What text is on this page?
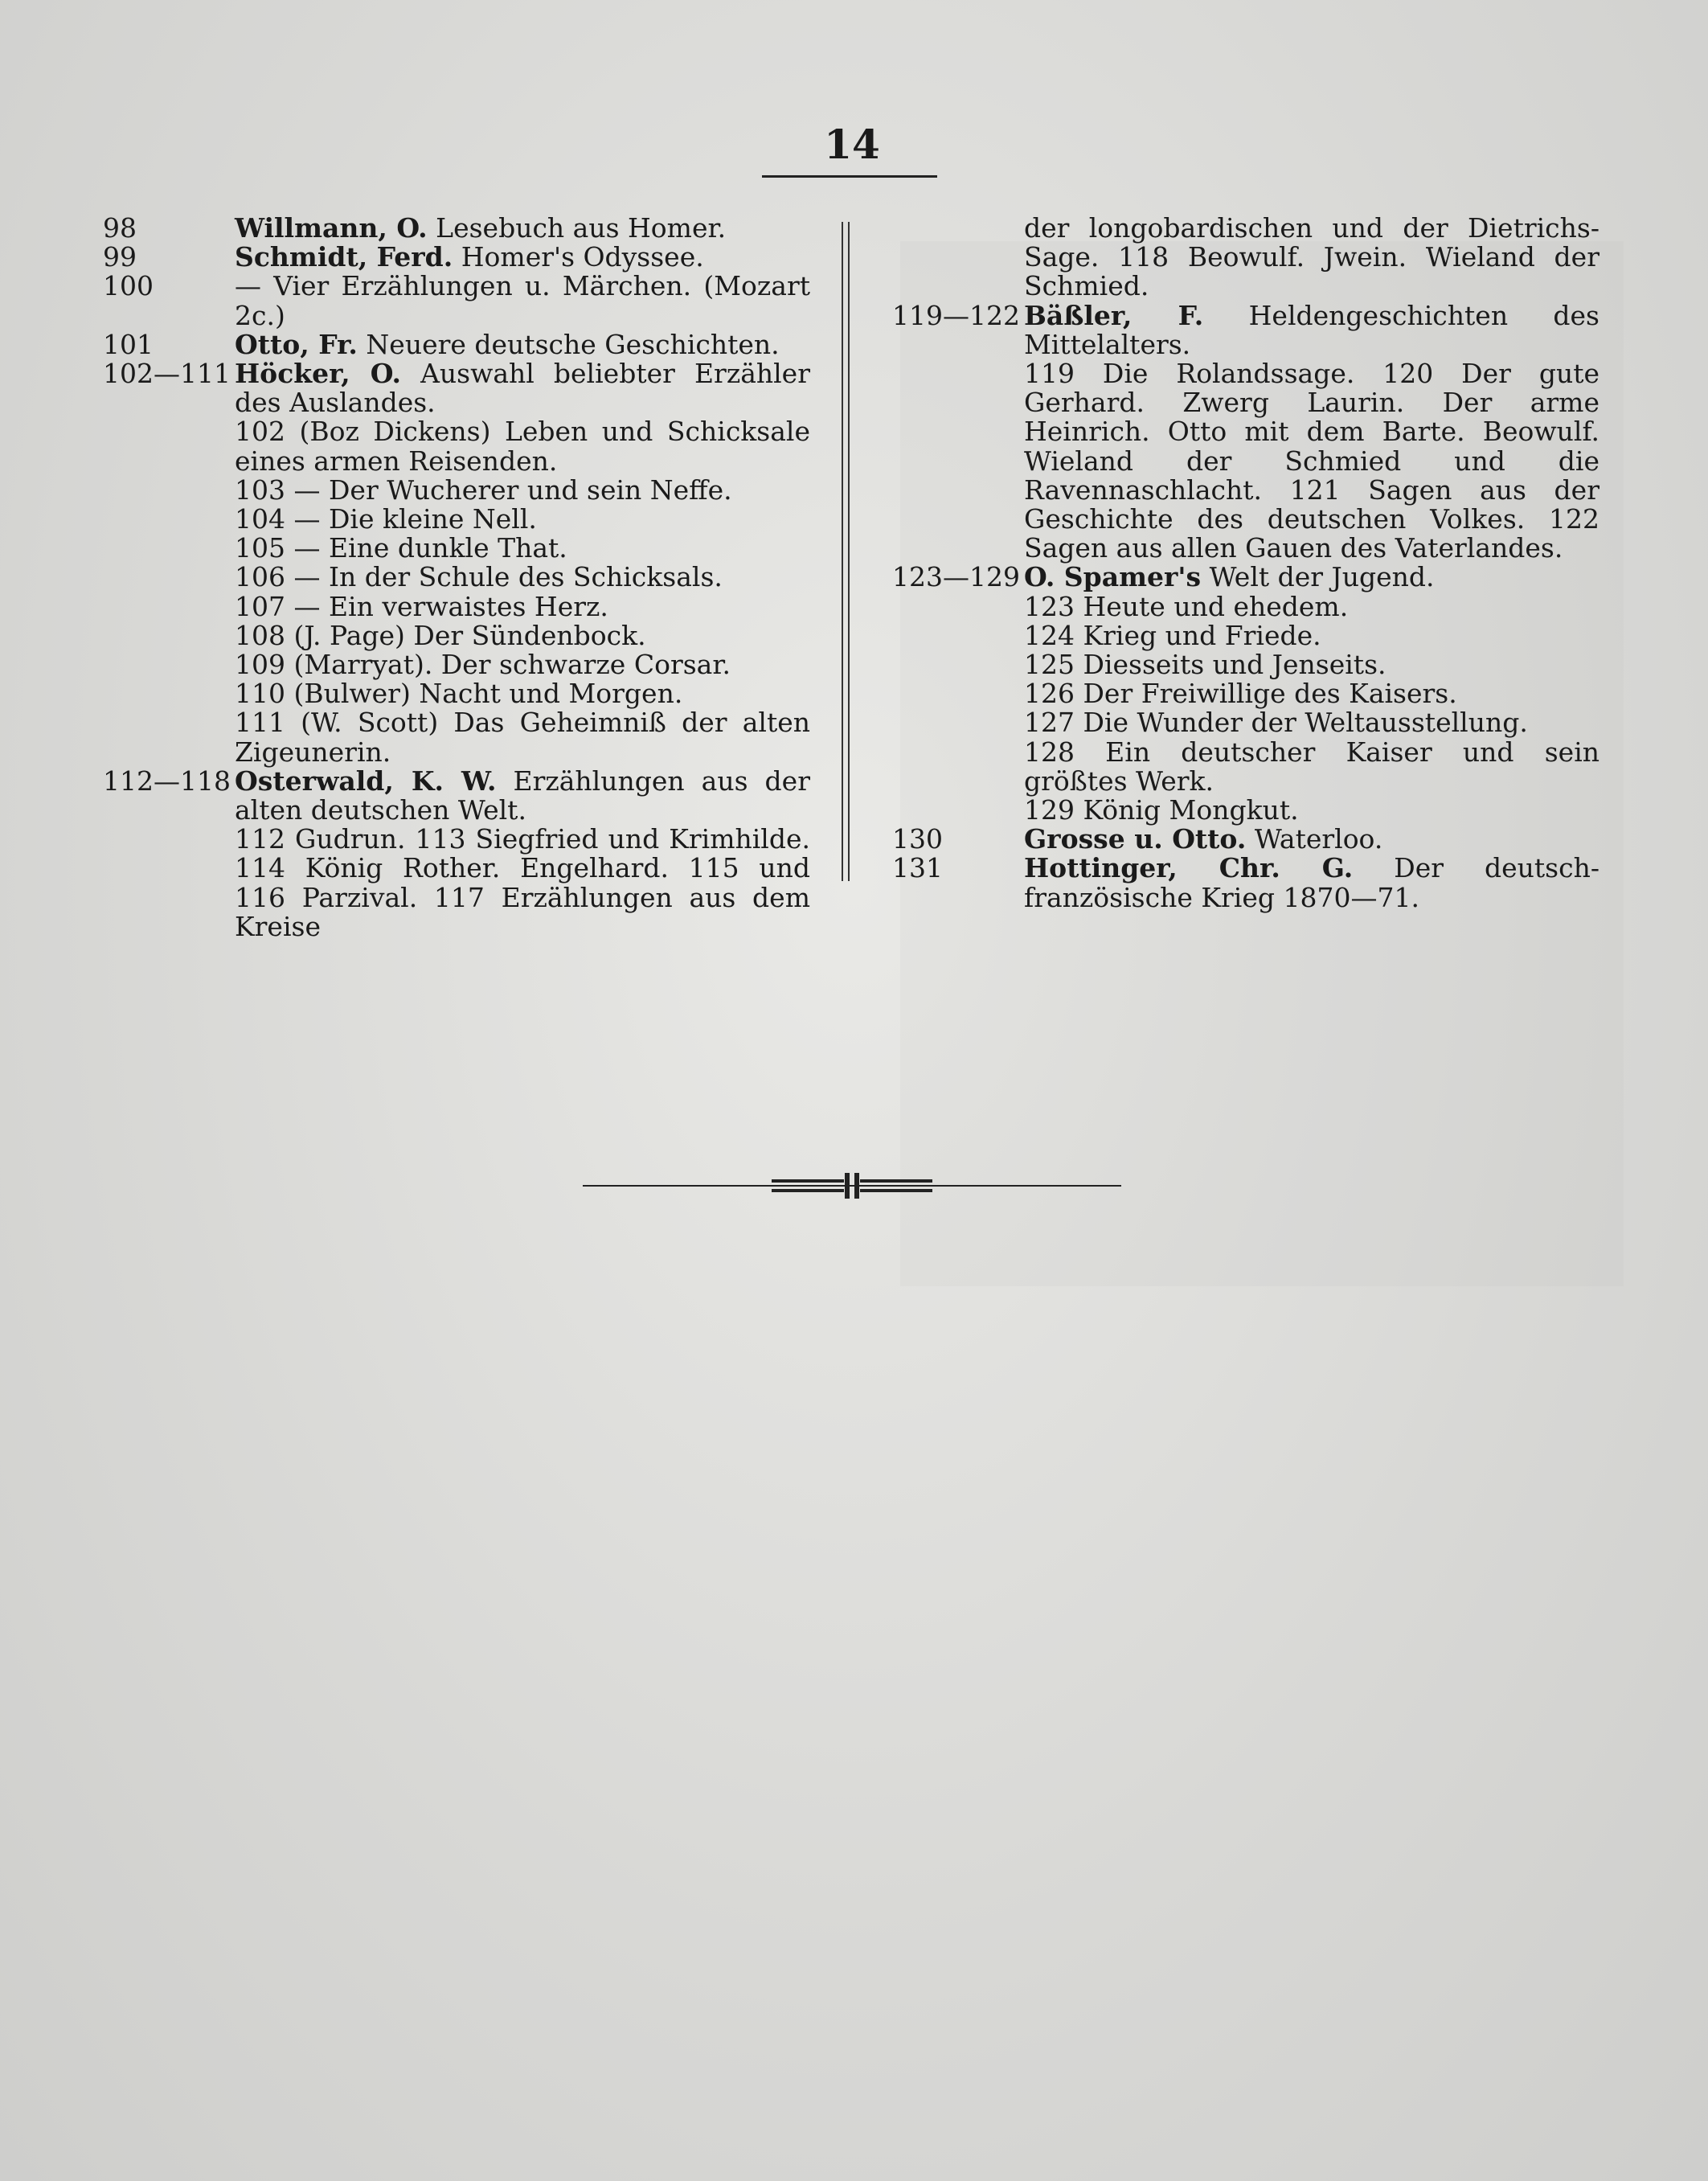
14
98	Willmann, O. Lesebuch aus Homer.
99	Schmidt, Ferd. Homer's Odyssee.
100	— Vier Erzählungen u. Märchen. (Mozart 2c.)
101	Otto, Fr. Neuere deutsche Geschichten.
102—111 Höcker, O. Auswahl beliebter Erzähler des Auslandes.
102 (Boz Dickens) Leben und Schicksale eines armen Reisenden.
103 — Der Wucherer und sein Neffe.
104 — Die kleine Nell.
105 — Eine dunkle That.
106 — In der Schule des Schicksals.
107 — Ein verwaistes Herz.
108 (J. Page) Der Sündenbock.
109 (Marryat). Der schwarze Corsar.
110 (Bulwer) Nacht und Morgen.
111 (W. Scott) Das Geheimniß der alten Zigeunerin.
112—118 Osterwald, K. W. Erzählungen aus der alten deutschen Welt.
112 Gudrun. 113 Siegfried und Krimhilde. 114 König Rother. Engelhard. 115 und 116 Parzival. 117 Erzählungen aus dem Kreise
der longobardischen und der Dietrichs-Sage. 118 Beowulf. Jwein. Wieland der Schmied.
119—122 Bäßler, F. Heldengeschichten des Mittelalters.
119 Die Rolandssage. 120 Der gute Gerhard. Zwerg Laurin. Der arme Heinrich. Otto mit dem Barte. Beowulf. Wieland der Schmied und die Ravennaschlacht. 121 Sagen aus der Geschichte des deutschen Volkes. 122 Sagen aus allen Gauen des Vaterlandes.
123—129 O. Spamer's Welt der Jugend.
123 Heute und ehedem.
124 Krieg und Friede.
125 Diesseits und Jenseits.
126 Der Freiwillige des Kaisers.
127 Die Wunder der Weltausstellung.
128 Ein deutscher Kaiser und sein größtes Werk.
129 König Mongkut.
130	Grosse u. Otto. Waterloo.
131	Hottinger, Chr. G. Der deutsch-französische Krieg 1870—71.
